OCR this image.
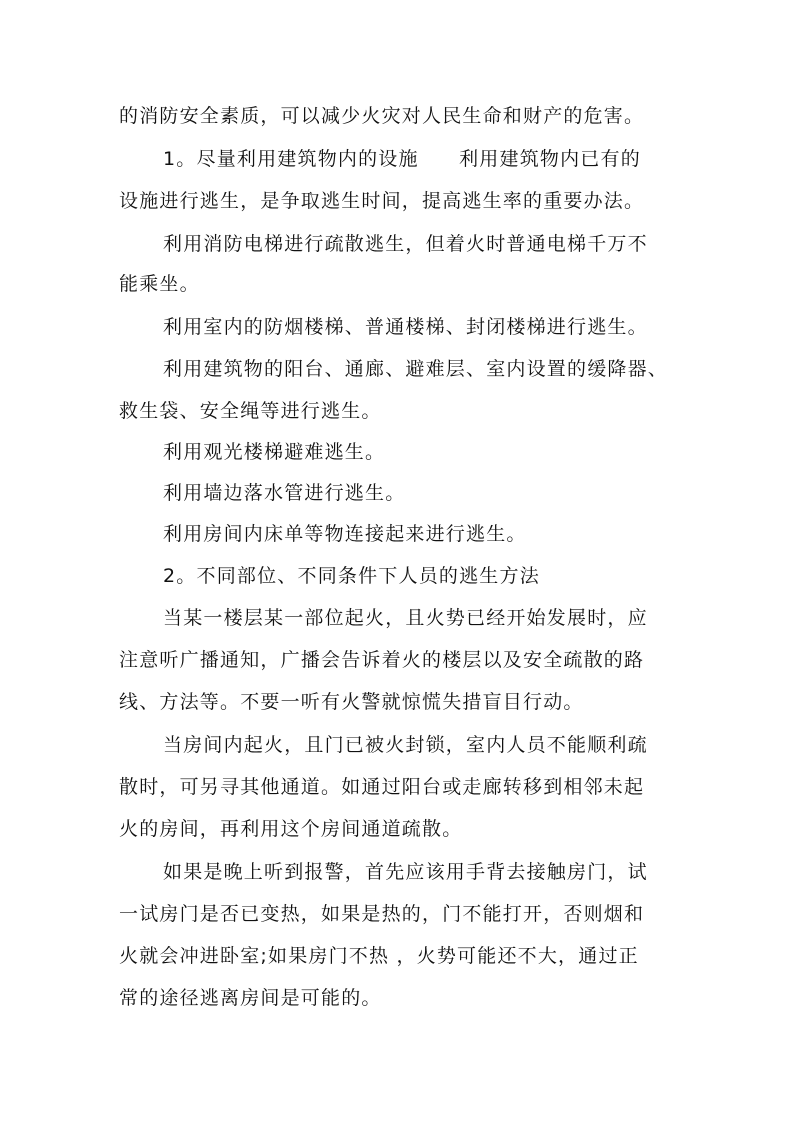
的消防安全素质，可以减少火灾对人民生命和财产的危害。
1。尽量利用建筑物内的设施　　利用建筑物内已有的
设施进行逃生，是争取逃生时间，提高逃生率的重要办法。
利用消防电梯进行疏散逃生，但着火时普通电梯千万不
能乘坐。
利用室内的防烟楼梯、普通楼梯、封闭楼梯进行逃生。
利用建筑物的阳台、通廊、避难层、室内设置的缓降器、
救生袋、安全绳等进行逃生。
利用观光楼梯避难逃生。
利用墙边落水管进行逃生。
利用房间内床单等物连接起来进行逃生。
2。不同部位、不同条件下人员的逃生方法
当某一楼层某一部位起火，且火势已经开始发展时，应
注意听广播通知，广播会告诉着火的楼层以及安全疏散的路
线、方法等。不要一听有火警就惊慌失措盲目行动。
当房间内起火，且门已被火封锁，室内人员不能顺利疏
散时，可另寻其他通道。如通过阳台或走廊转移到相邻未起
火的房间，再利用这个房间通道疏散。
如果是晚上听到报警，首先应该用手背去接触房门，试
一试房门是否已变热，如果是热的，门不能打开，否则烟和
火就会冲进卧室;如果房门不热 ，火势可能还不大，通过正
常的途径逃离房间是可能的。
